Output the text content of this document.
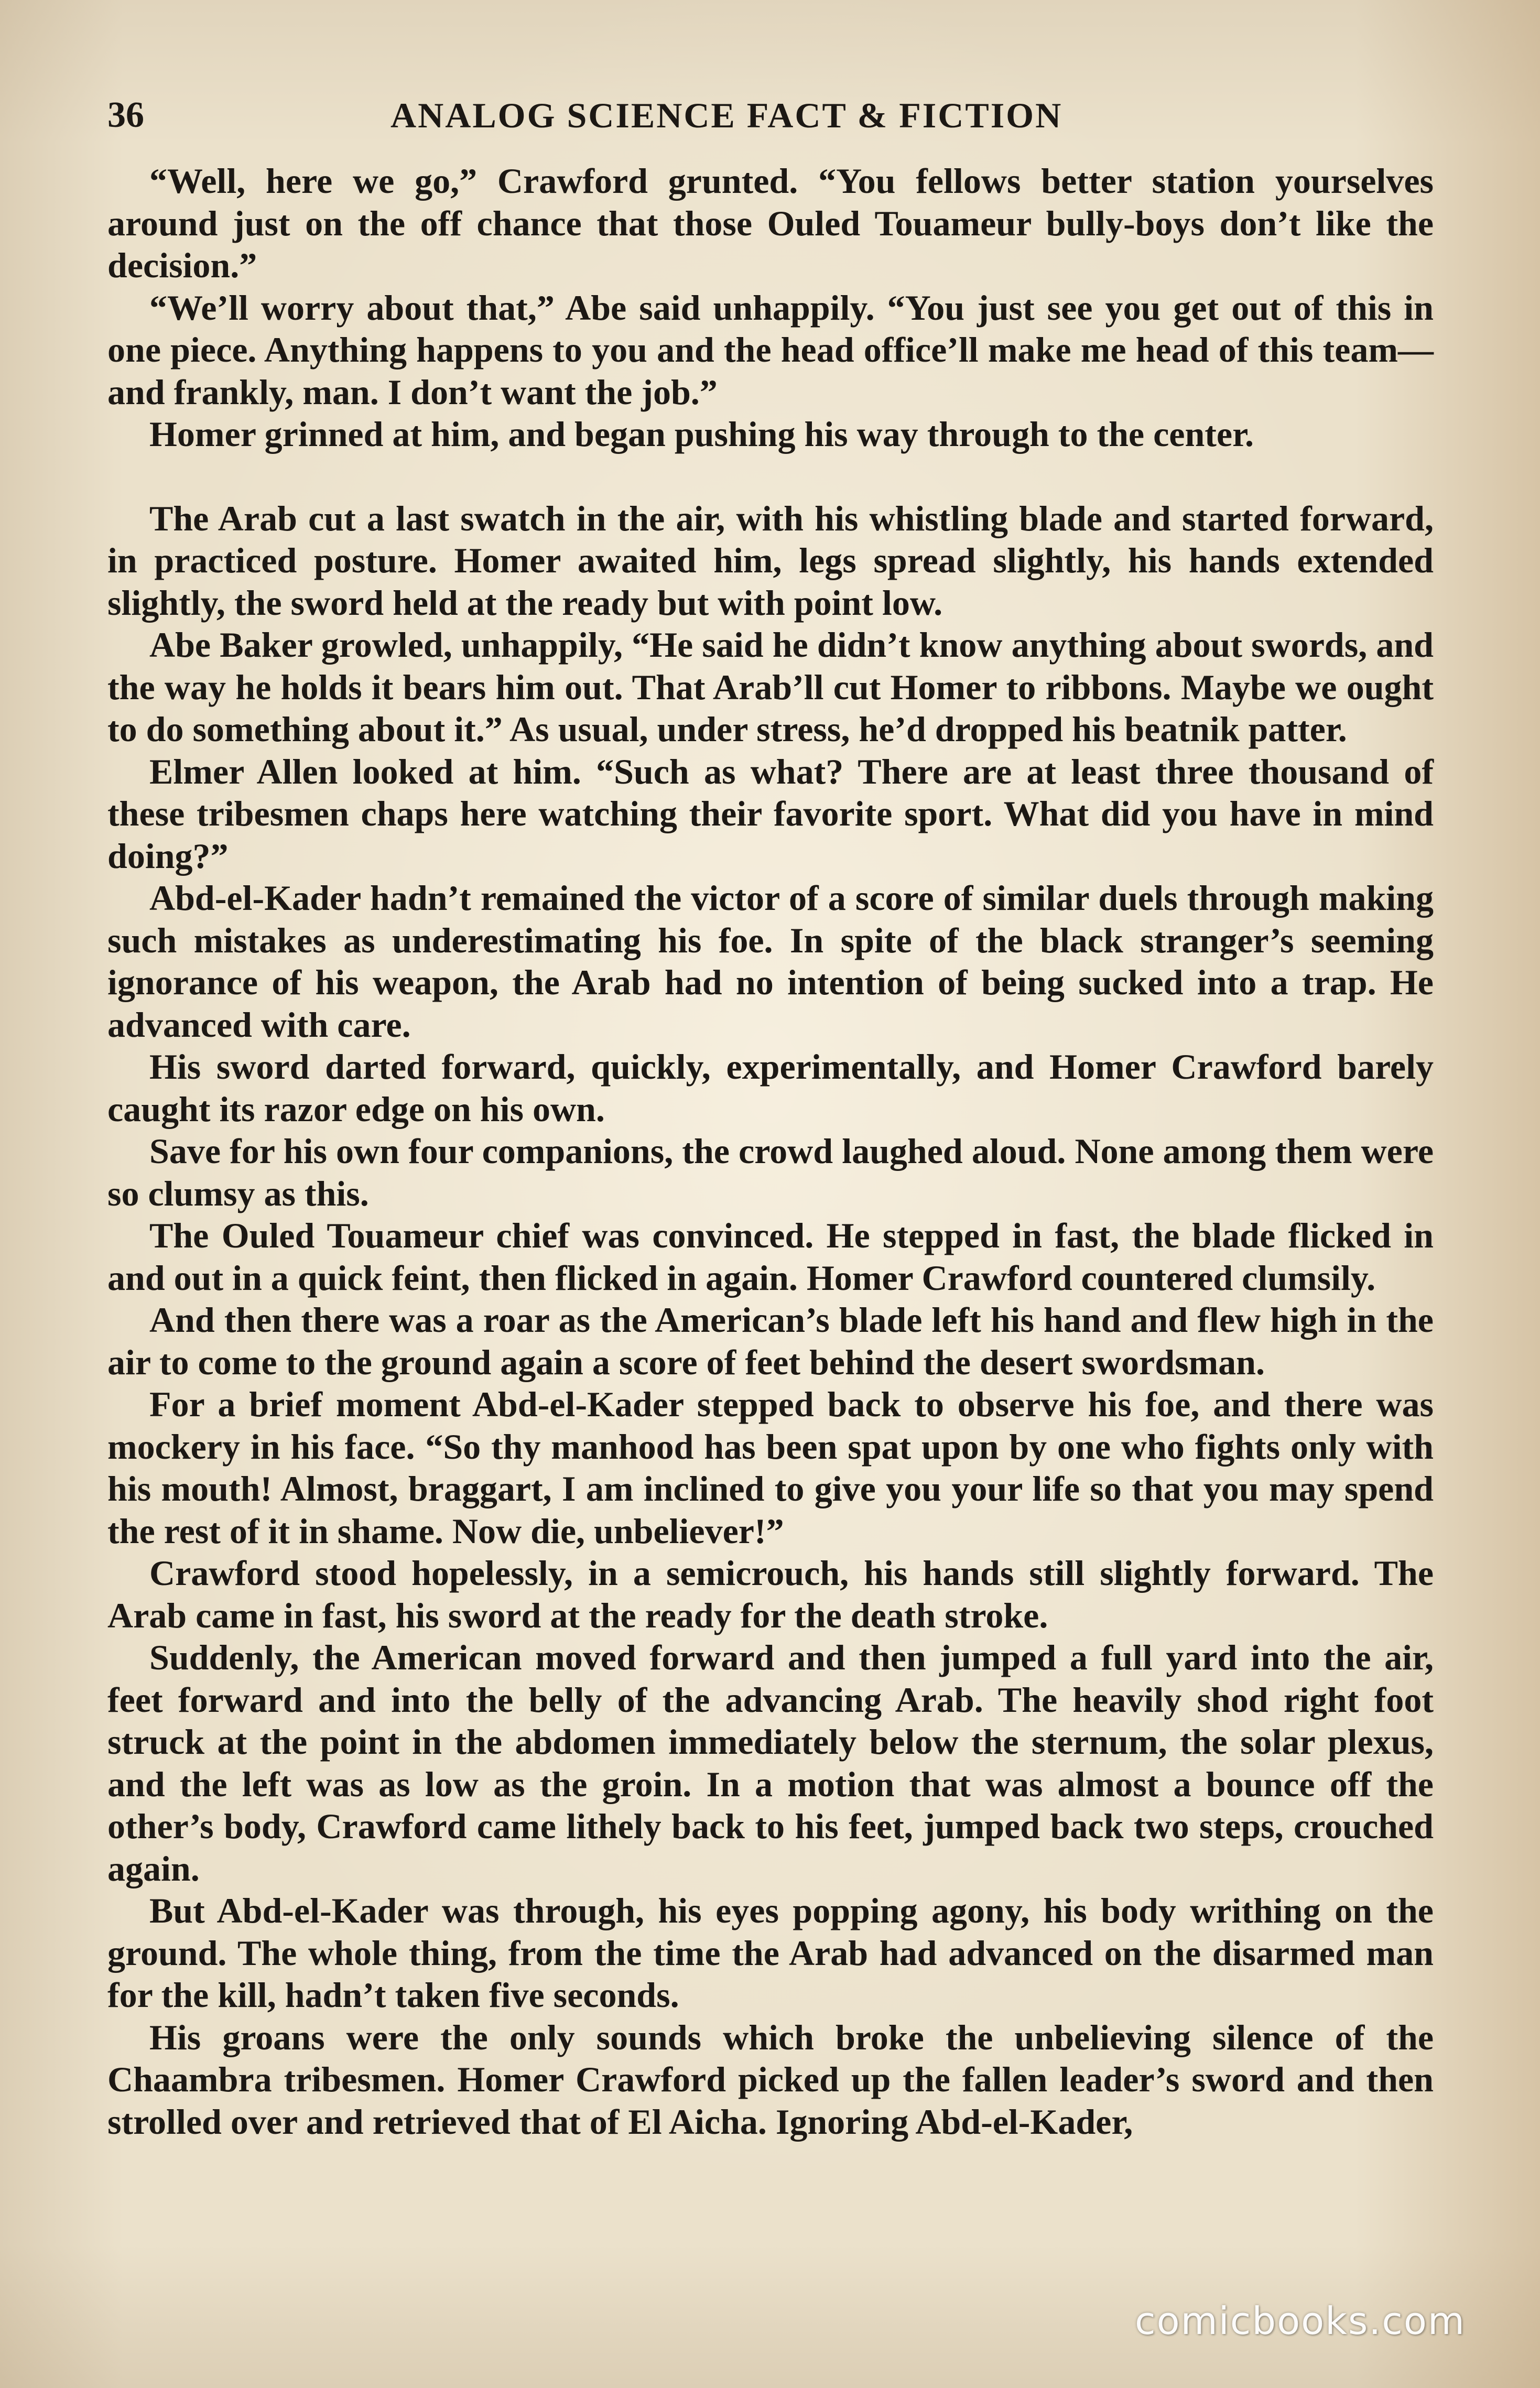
36	ANALOG SCIENCE FACT & FICTION

“Well, here we go,” Crawford grunted. “You fellows better station yourselves around just on the off chance that those Ouled Touameur bully-boys don’t like the decision.”

“We’ll worry about that,” Abe said unhappily. “You just see you get out of this in one piece. Anything happens to you and the head office’ll make me head of this team—and frankly, man. I don’t want the job.”

Homer grinned at him, and began pushing his way through to the center.

The Arab cut a last swatch in the air, with his whistling blade and started forward, in practiced posture. Homer awaited him, legs spread slightly, his hands extended slightly, the sword held at the ready but with point low.

Abe Baker growled, unhappily, “He said he didn’t know anything about swords, and the way he holds it bears him out. That Arab’ll cut Homer to ribbons. Maybe we ought to do something about it.” As usual, under stress, he’d dropped his beatnik patter.

Elmer Allen looked at him. “Such as what? There are at least three thousand of these tribesmen chaps here watching their favorite sport. What did you have in mind doing?”

Abd-el-Kader hadn’t remained the victor of a score of similar duels through making such mistakes as underestimating his foe. In spite of the black stranger’s seeming ignorance of his weapon, the Arab had no intention of being sucked into a trap. He advanced with care.

His sword darted forward, quickly, experimentally, and Homer Crawford barely caught its razor edge on his own.

Save for his own four companions, the crowd laughed aloud. None among them were so clumsy as this.

The Ouled Touameur chief was convinced. He stepped in fast, the blade flicked in and out in a quick feint, then flicked in again. Homer Crawford countered clumsily.

And then there was a roar as the American’s blade left his hand and flew high in the air to come to the ground again a score of feet behind the desert swordsman.

For a brief moment Abd-el-Kader stepped back to observe his foe, and there was mockery in his face. “So thy manhood has been spat upon by one who fights only with his mouth! Almost, braggart, I am inclined to give you your life so that you may spend the rest of it in shame. Now die, unbeliever!”

Crawford stood hopelessly, in a semicrouch, his hands still slightly forward. The Arab came in fast, his sword at the ready for the death stroke.

Suddenly, the American moved forward and then jumped a full yard into the air, feet forward and into the belly of the advancing Arab. The heavily shod right foot struck at the point in the abdomen immediately below the sternum, the solar plexus, and the left was as low as the groin. In a motion that was almost a bounce off the other’s body, Crawford came lithely back to his feet, jumped back two steps, crouched again.

But Abd-el-Kader was through, his eyes popping agony, his body writhing on the ground. The whole thing, from the time the Arab had advanced on the disarmed man for the kill, hadn’t taken five seconds.

His groans were the only sounds which broke the unbelieving silence of the Chaambra tribesmen. Homer Crawford picked up the fallen leader’s sword and then strolled over and retrieved that of El Aicha. Ignoring Abd-el-Kader,

comicbooks.com
